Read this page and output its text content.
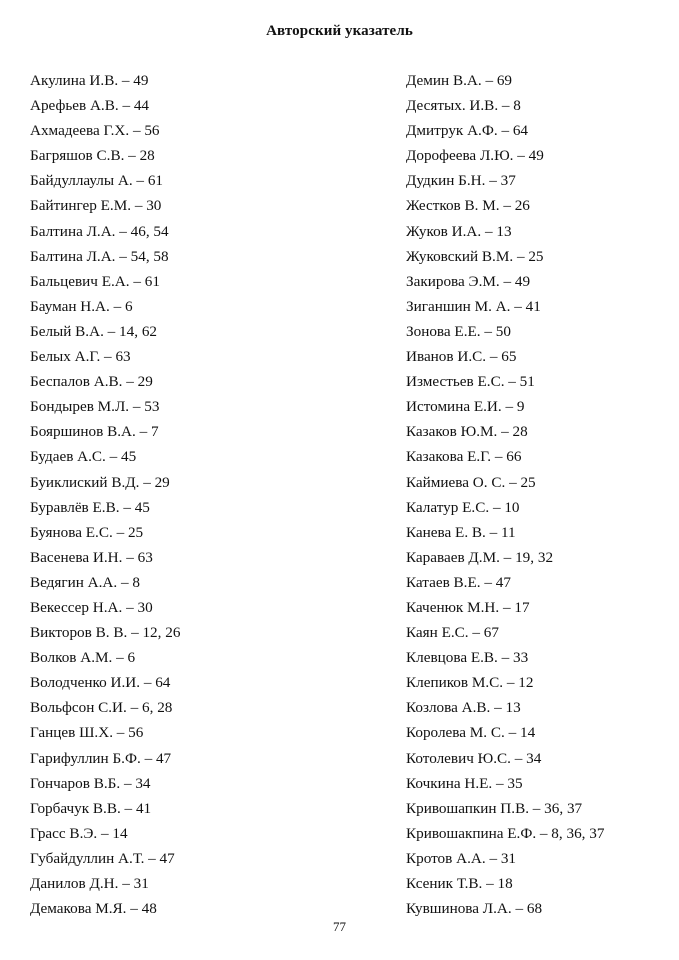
Авторский указатель
Акулина И.В. – 49
Арефьев А.В. – 44
Ахмадеева Г.Х. – 56
Багряшов С.В. – 28
Байдуллаулы А. – 61
Байтингер Е.М. – 30
Балтина Л.А. – 46, 54
Балтина Л.А. – 54, 58
Бальцевич Е.А. – 61
Бауман Н.А. – 6
Белый В.А. – 14, 62
Белых А.Г. – 63
Беспалов А.В. – 29
Бондырев М.Л. – 53
Бояршинов В.А. – 7
Будаев А.С. – 45
Буиклиский В.Д. – 29
Буравлёв Е.В. – 45
Буянова Е.С. – 25
Васенева И.Н. – 63
Ведягин А.А. – 8
Векессер Н.А. – 30
Викторов В. В. – 12, 26
Волков А.М. – 6
Володченко И.И. – 64
Вольфсон С.И. – 6, 28
Ганцев Ш.Х. – 56
Гарифуллин Б.Ф. – 47
Гончаров В.Б. – 34
Горбачук В.В. – 41
Грасс В.Э. – 14
Губайдуллин А.Т. – 47
Данилов Д.Н. – 31
Демакова М.Я. – 48
Демин В.А. – 69
Десятых. И.В. – 8
Дмитрук А.Ф. – 64
Дорофеева Л.Ю. – 49
Дудкин Б.Н. – 37
Жестков В. М. – 26
Жуков И.А. – 13
Жуковский В.М. – 25
Закирова Э.М. – 49
Зиганшин М. А. – 41
Зонова Е.Е. – 50
Иванов И.С. – 65
Изместьев Е.С. – 51
Истомина Е.И. – 9
Казаков Ю.М. – 28
Казакова Е.Г. – 66
Каймиева О. С. – 25
Калатур Е.С. – 10
Канева Е. В. – 11
Караваев Д.М. – 19, 32
Катаев В.Е. – 47
Каченюк М.Н. – 17
Каян Е.С. – 67
Клевцова Е.В. – 33
Клепиков М.С. – 12
Козлова А.В. – 13
Королева М. С. – 14
Котолевич Ю.С. – 34
Кочкина Н.Е. – 35
Кривошапкин П.В. – 36, 37
Кривошакпина Е.Ф. – 8, 36, 37
Кротов А.А. – 31
Ксеник Т.В. – 18
Кувшинова Л.А. – 68
77
